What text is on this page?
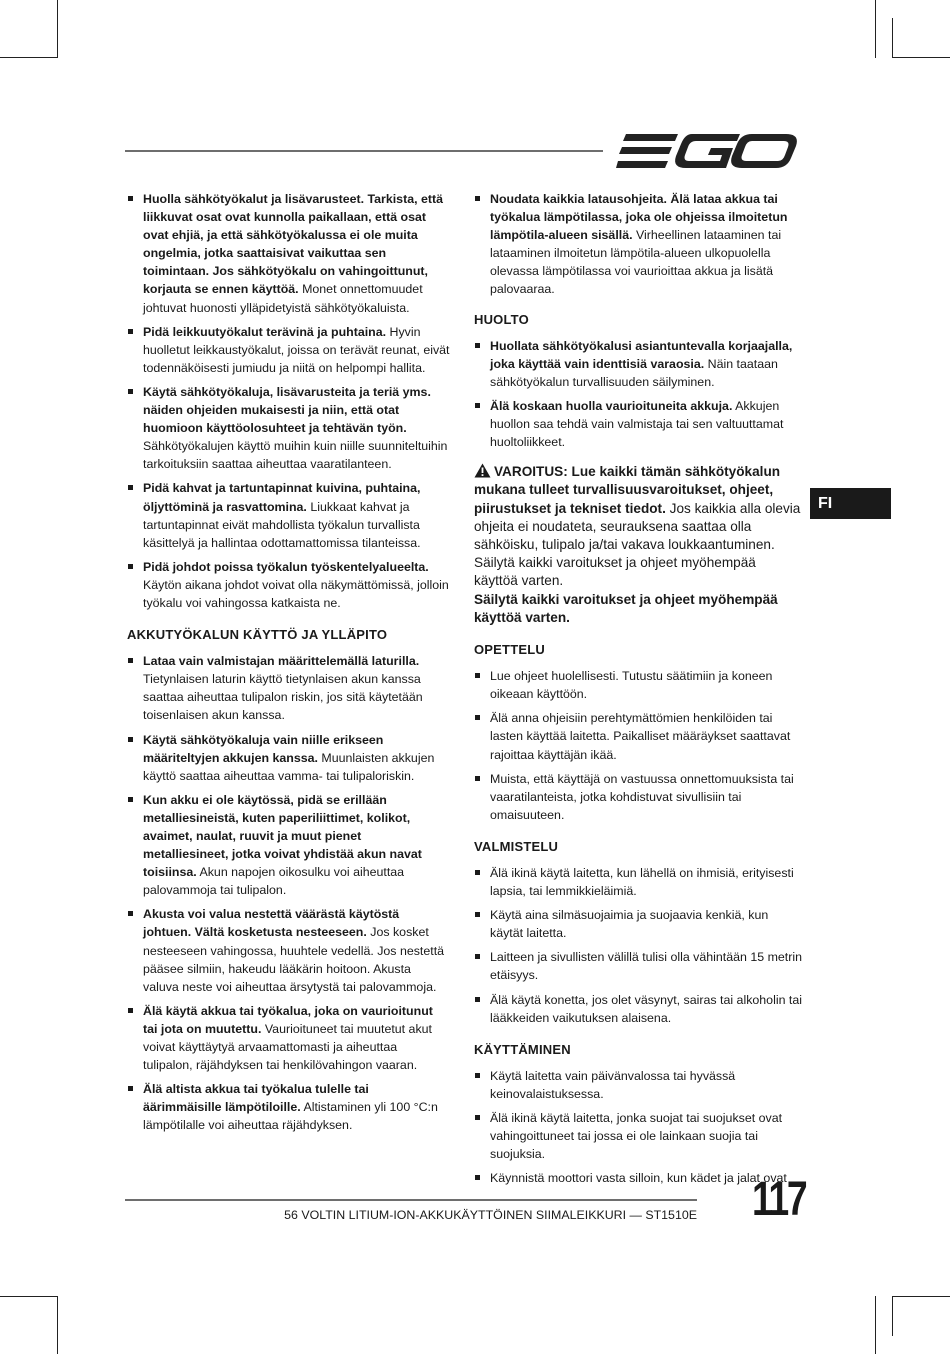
FI
Huolla sähkötyökalut ja lisävarusteet. Tarkista, että liikkuvat osat ovat kunnolla paikallaan, että osat ovat ehjiä, ja että sähkötyökalussa ei ole muita ongelmia, jotka saattaisivat vaikuttaa sen toimintaan. Jos sähkötyökalu on vahingoittunut, korjauta se ennen käyttöä. Monet onnettomuudet johtuvat huonosti ylläpidetyistä sähkötyökaluista.
Pidä leikkuutyökalut terävinä ja puhtaina. Hyvin huolletut leikkaustyökalut, joissa on terävät reunat, eivät todennäköisesti jumiudu ja niitä on helpompi hallita.
Käytä sähkötyökaluja, lisävarusteita ja teriä yms. näiden ohjeiden mukaisesti ja niin, että otat huomioon käyttöolosuhteet ja tehtävän työn. Sähkötyökalujen käyttö muihin kuin niille suunniteltuihin tarkoituksiin saattaa aiheuttaa vaaratilanteen.
Pidä kahvat ja tartuntapinnat kuivina, puhtaina, öljyttöminä ja rasvattomina. Liukkaat kahvat ja tartuntapinnat eivät mahdollista työkalun turvallista käsittelyä ja hallintaa odottamattomissa tilanteissa.
Pidä johdot poissa työkalun työskentelyalueelta. Käytön aikana johdot voivat olla näkymättömissä, jolloin työkalu voi vahingossa katkaista ne.
AKKUTYÖKALUN KÄYTTÖ JA YLLÄPITO
Lataa vain valmistajan määrittelemällä laturilla. Tietynlaisen laturin käyttö tietynlaisen akun kanssa saattaa aiheuttaa tulipalon riskin, jos sitä käytetään toisenlaisen akun kanssa.
Käytä sähkötyökaluja vain niille erikseen määriteltyjen akkujen kanssa. Muunlaisten akkujen käyttö saattaa aiheuttaa vamma- tai tulipaloriskin.
Kun akku ei ole käytössä, pidä se erillään metalliesineistä, kuten paperiliittimet, kolikot, avaimet, naulat, ruuvit ja muut pienet metalliesineet, jotka voivat yhdistää akun navat toisiinsa. Akun napojen oikosulku voi aiheuttaa palovammoja tai tulipalon.
Akusta voi valua nestettä väärästä käytöstä johtuen. Vältä kosketusta nesteeseen. Jos kosket nesteeseen vahingossa, huuhtele vedellä. Jos nestettä pääsee silmiin, hakeudu lääkärin hoitoon. Akusta valuva neste voi aiheuttaa ärsytystä tai palovammoja.
Älä käytä akkua tai työkalua, joka on vaurioitunut tai jota on muutettu. Vaurioituneet tai muutetut akut voivat käyttäytyä arvaamattomasti ja aiheuttaa tulipalon, räjähdyksen tai henkilövahingon vaaran.
Älä altista akkua tai työkalua tulelle tai äärimmäisille lämpötiloille. Altistaminen yli 100 °C:n lämpötilalle voi aiheuttaa räjähdyksen.
Noudata kaikkia latausohjeita. Älä lataa akkua tai työkalua lämpötilassa, joka ole ohjeissa ilmoitetun lämpötila-alueen sisällä. Virheellinen lataaminen tai lataaminen ilmoitetun lämpötila-alueen ulkopuolella olevassa lämpötilassa voi vaurioittaa akkua ja lisätä palovaaraa.
HUOLTO
Huollata sähkötyökalusi asiantuntevalla korjaajalla, joka käyttää vain identtisiä varaosia. Näin taataan sähkötyökalun turvallisuuden säilyminen.
Älä koskaan huolla vaurioituneita akkuja. Akkujen huollon saa tehdä vain valmistaja tai sen valtuuttamat huoltoliikkeet.
VAROITUS: Lue kaikki tämän sähkötyökalun mukana tulleet turvallisuusvaroitukset, ohjeet, piirustukset ja tekniset tiedot. Jos kaikkia alla olevia ohjeita ei noudateta, seurauksena saattaa olla sähköisku, tulipalo ja/tai vakava loukkaantuminen. Säilytä kaikki varoitukset ja ohjeet myöhempää käyttöä varten.
Säilytä kaikki varoitukset ja ohjeet myöhempää käyttöä varten.
OPETTELU
Lue ohjeet huolellisesti. Tutustu säätimiin ja koneen oikeaan käyttöön.
Älä anna ohjeisiin perehtymättömien henkilöiden tai lasten käyttää laitetta. Paikalliset määräykset saattavat rajoittaa käyttäjän ikää.
Muista, että käyttäjä on vastuussa onnettomuuksista tai vaaratilanteista, jotka kohdistuvat sivullisiin tai omaisuuteen.
VALMISTELU
Älä ikinä käytä laitetta, kun lähellä on ihmisiä, erityisesti lapsia, tai lemmikkieläimiä.
Käytä aina silmäsuojaimia ja suojaavia kenkiä, kun käytät laitetta.
Laitteen ja sivullisten välillä tulisi olla vähintään 15 metrin etäisyys.
Älä käytä konetta, jos olet väsynyt, sairas tai alkoholin tai lääkkeiden vaikutuksen alaisena.
KÄYTTÄMINEN
Käytä laitetta vain päivänvalossa tai hyvässä keinovalaistuksessa.
Älä ikinä käytä laitetta, jonka suojat tai suojukset ovat vahingoittuneet tai jossa ei ole lainkaan suojia tai suojuksia.
Käynnistä moottori vasta silloin, kun kädet ja jalat ovat
56 VOLTIN LITIUM-ION-AKKUKÄYTTÖINEN SIIMALEIKKURI — ST1510E 117
